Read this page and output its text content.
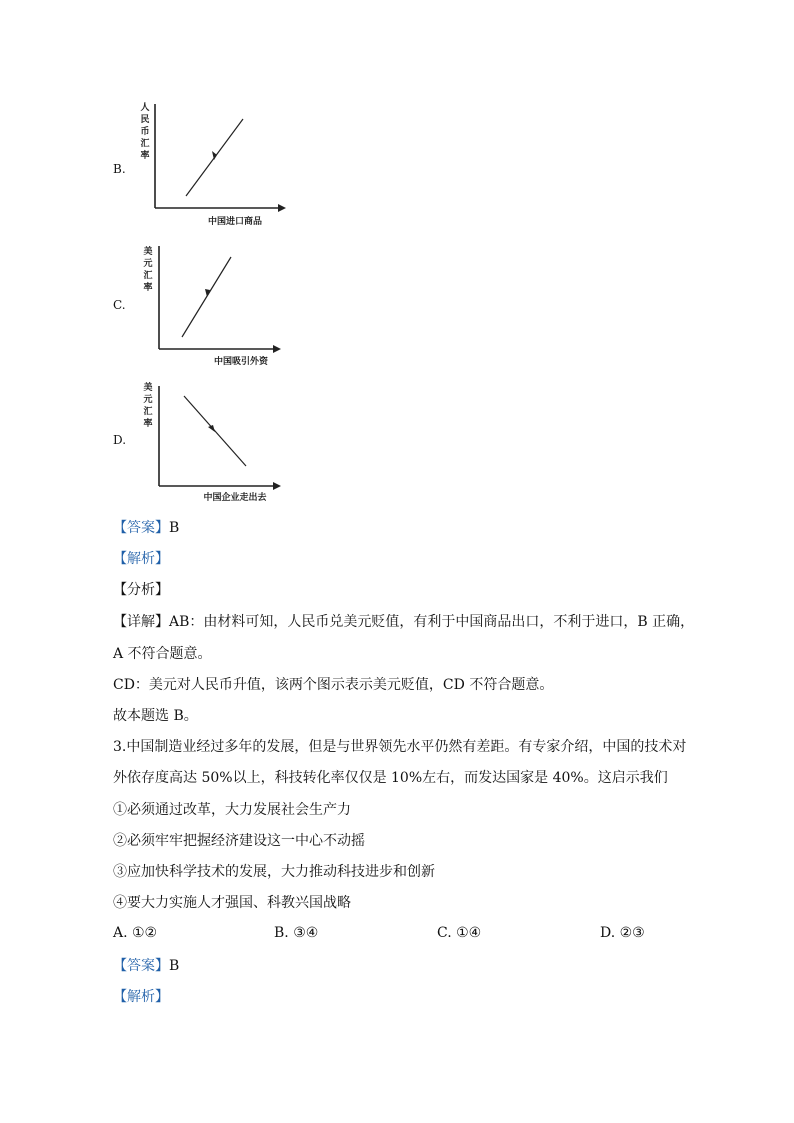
B.
人
民
币
汇
率
中国进口商品
C.
美
元
汇
率
中国吸引外资
D.
美
元
汇
率
中国企业走出去
【答案】B
【解析】
【分析】
【详解】AB：由材料可知，人民币兑美元贬值，有利于中国商品出口，不利于进口，B 正确，
A 不符合题意。
CD：美元对人民币升值，该两个图示表示美元贬值，CD 不符合题意。
故本题选 B。
3.中国制造业经过多年的发展，但是与世界领先水平仍然有差距。有专家介绍，中国的技术对
外依存度高达 50%以上，科技转化率仅仅是 10%左右，而发达国家是 40%。这启示我们
①必须通过改革，大力发展社会生产力
②必须牢牢把握经济建设这一中心不动摇
③应加快科学技术的发展，大力推动科技进步和创新
④要大力实施人才强国、科教兴国战略
A. ①②	B. ③④	C. ①④	D. ②③
【答案】B
【解析】
